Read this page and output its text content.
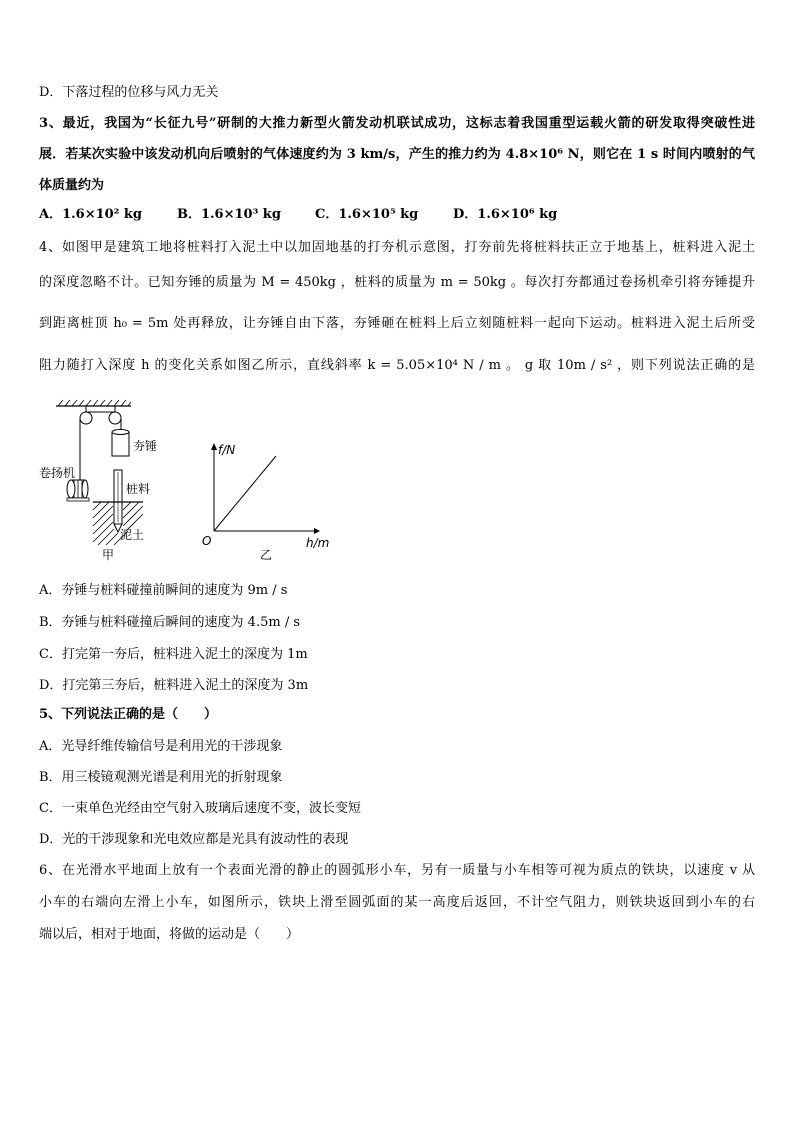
D．下落过程的位移与风力无关
3、最近，我国为“长征九号”研制的大推力新型火箭发动机联试成功，这标志着我国重型运载火箭的研发取得突破性进
展．若某次实验中该发动机向后喷射的气体速度约为 3 km/s，产生的推力约为 4.8×10⁶ N，则它在 1 s 时间内喷射的气
体质量约为
A．1.6×10² kg	B．1.6×10³ kg	C．1.6×10⁵ kg	D．1.6×10⁶ kg
4、如图甲是建筑工地将桩料打入泥土中以加固地基的打夯机示意图，打夯前先将桩料扶正立于地基上，桩料进入泥土
的深度忽略不计。已知夯锤的质量为 M = 450kg ，桩料的质量为 m = 50kg 。每次打夯都通过卷扬机牵引将夯锤提升
到距离桩顶 h₀ = 5m 处再释放，让夯锤自由下落，夯锤砸在桩料上后立刻随桩料一起向下运动。桩料进入泥土后所受
阻力随打入深度 h 的变化关系如图乙所示，直线斜率 k = 5.05×10⁴ N / m 。 g 取 10m / s² ，则下列说法正确的是
夯锤
卷扬机
桩料
泥土
甲
f/N
h/m
O
乙
A．夯锤与桩料碰撞前瞬间的速度为 9m / s
B．夯锤与桩料碰撞后瞬间的速度为 4.5m / s
C．打完第一夯后，桩料进入泥土的深度为 1m
D．打完第三夯后，桩料进入泥土的深度为 3m
5、下列说法正确的是（　　）
A．光导纤维传输信号是利用光的干涉现象
B．用三棱镜观测光谱是利用光的折射现象
C．一束单色光经由空气射入玻璃后速度不变，波长变短
D．光的干涉现象和光电效应都是光具有波动性的表现
6、在光滑水平地面上放有一个表面光滑的静止的圆弧形小车，另有一质量与小车相等可视为质点的铁块，以速度 v 从
小车的右端向左滑上小车，如图所示，铁块上滑至圆弧面的某一高度后返回，不计空气阻力，则铁块返回到小车的右
端以后，相对于地面，将做的运动是（　　）
